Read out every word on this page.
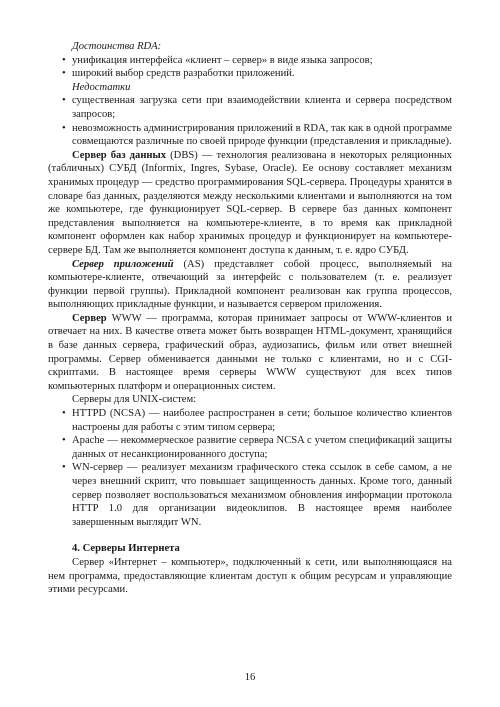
Достоинства RDA:

• унификация интерфейса «клиент – сервер» в виде языка запросов;

• широкий выбор средств разработки приложений.

Недостатки

• существенная загрузка сети при взаимодействии клиента и сервера посредством запросов;

• невозможность администрирования приложений в RDA, так как в одной программе совмещаются различные по своей природе функции (представления и прикладные).

Сервер баз данных (DBS) — технология реализована в некоторых реляционных (табличных) СУБД (Informix, Ingres, Sybase, Oracle). Ее основу составляет механизм хранимых процедур — средство программирования SQL-сервера. Процедуры хранятся в словаре баз данных, разделяются между несколькими клиентами и выполняются на том же компьютере, где функционирует SQL-сервер. В сервере баз данных компонент представления выполняется на компьютере-клиенте, в то время как прикладной компонент оформлен как набор хранимых процедур и функционирует на компьютере-сервере БД. Там же выполняется компонент доступа к данным, т. е. ядро СУБД.

Сервер приложений (AS) представляет собой процесс, выполняемый на компьютере-клиенте, отвечающий за интерфейс с пользователем (т. е. реализует функции первой группы). Прикладной компонент реализован как группа процессов, выполняющих прикладные функции, и называется сервером приложения.

Сервер WWW — программа, которая принимает запросы от WWW-клиентов и отвечает на них. В качестве ответа может быть возвращен HTML-документ, хранящийся в базе данных сервера, графический образ, аудиозапись, фильм или ответ внешней программы. Сервер обменивается данными не только с клиентами, но и с CGI-скриптами. В настоящее время серверы WWW существуют для всех типов компьютерных платформ и операционных систем.

Серверы для UNIX-систем:

• HTTPD (NCSA) — наиболее распространен в сети; большое количество клиентов настроены для работы с этим типом сервера;

• Apache — некоммерческое развитие сервера NCSA с учетом спецификаций защиты данных от несанкционированного доступа;

• WN-сервер — реализует механизм графического стека ссылок в себе самом, а не через внешний скрипт, что повышает защищенность данных. Кроме того, данный сервер позволяет воспользоваться механизмом обновления информации протокола HTTP 1.0 для организации видеоклипов. В настоящее время наиболее завершенным выглядит WN.

4. Серверы Интернета

Сервер «Интернет – компьютер», подключенный к сети, или выполняющаяся на нем программа, предоставляющие клиентам доступ к общим ресурсам и управляющие этими ресурсами.

16
